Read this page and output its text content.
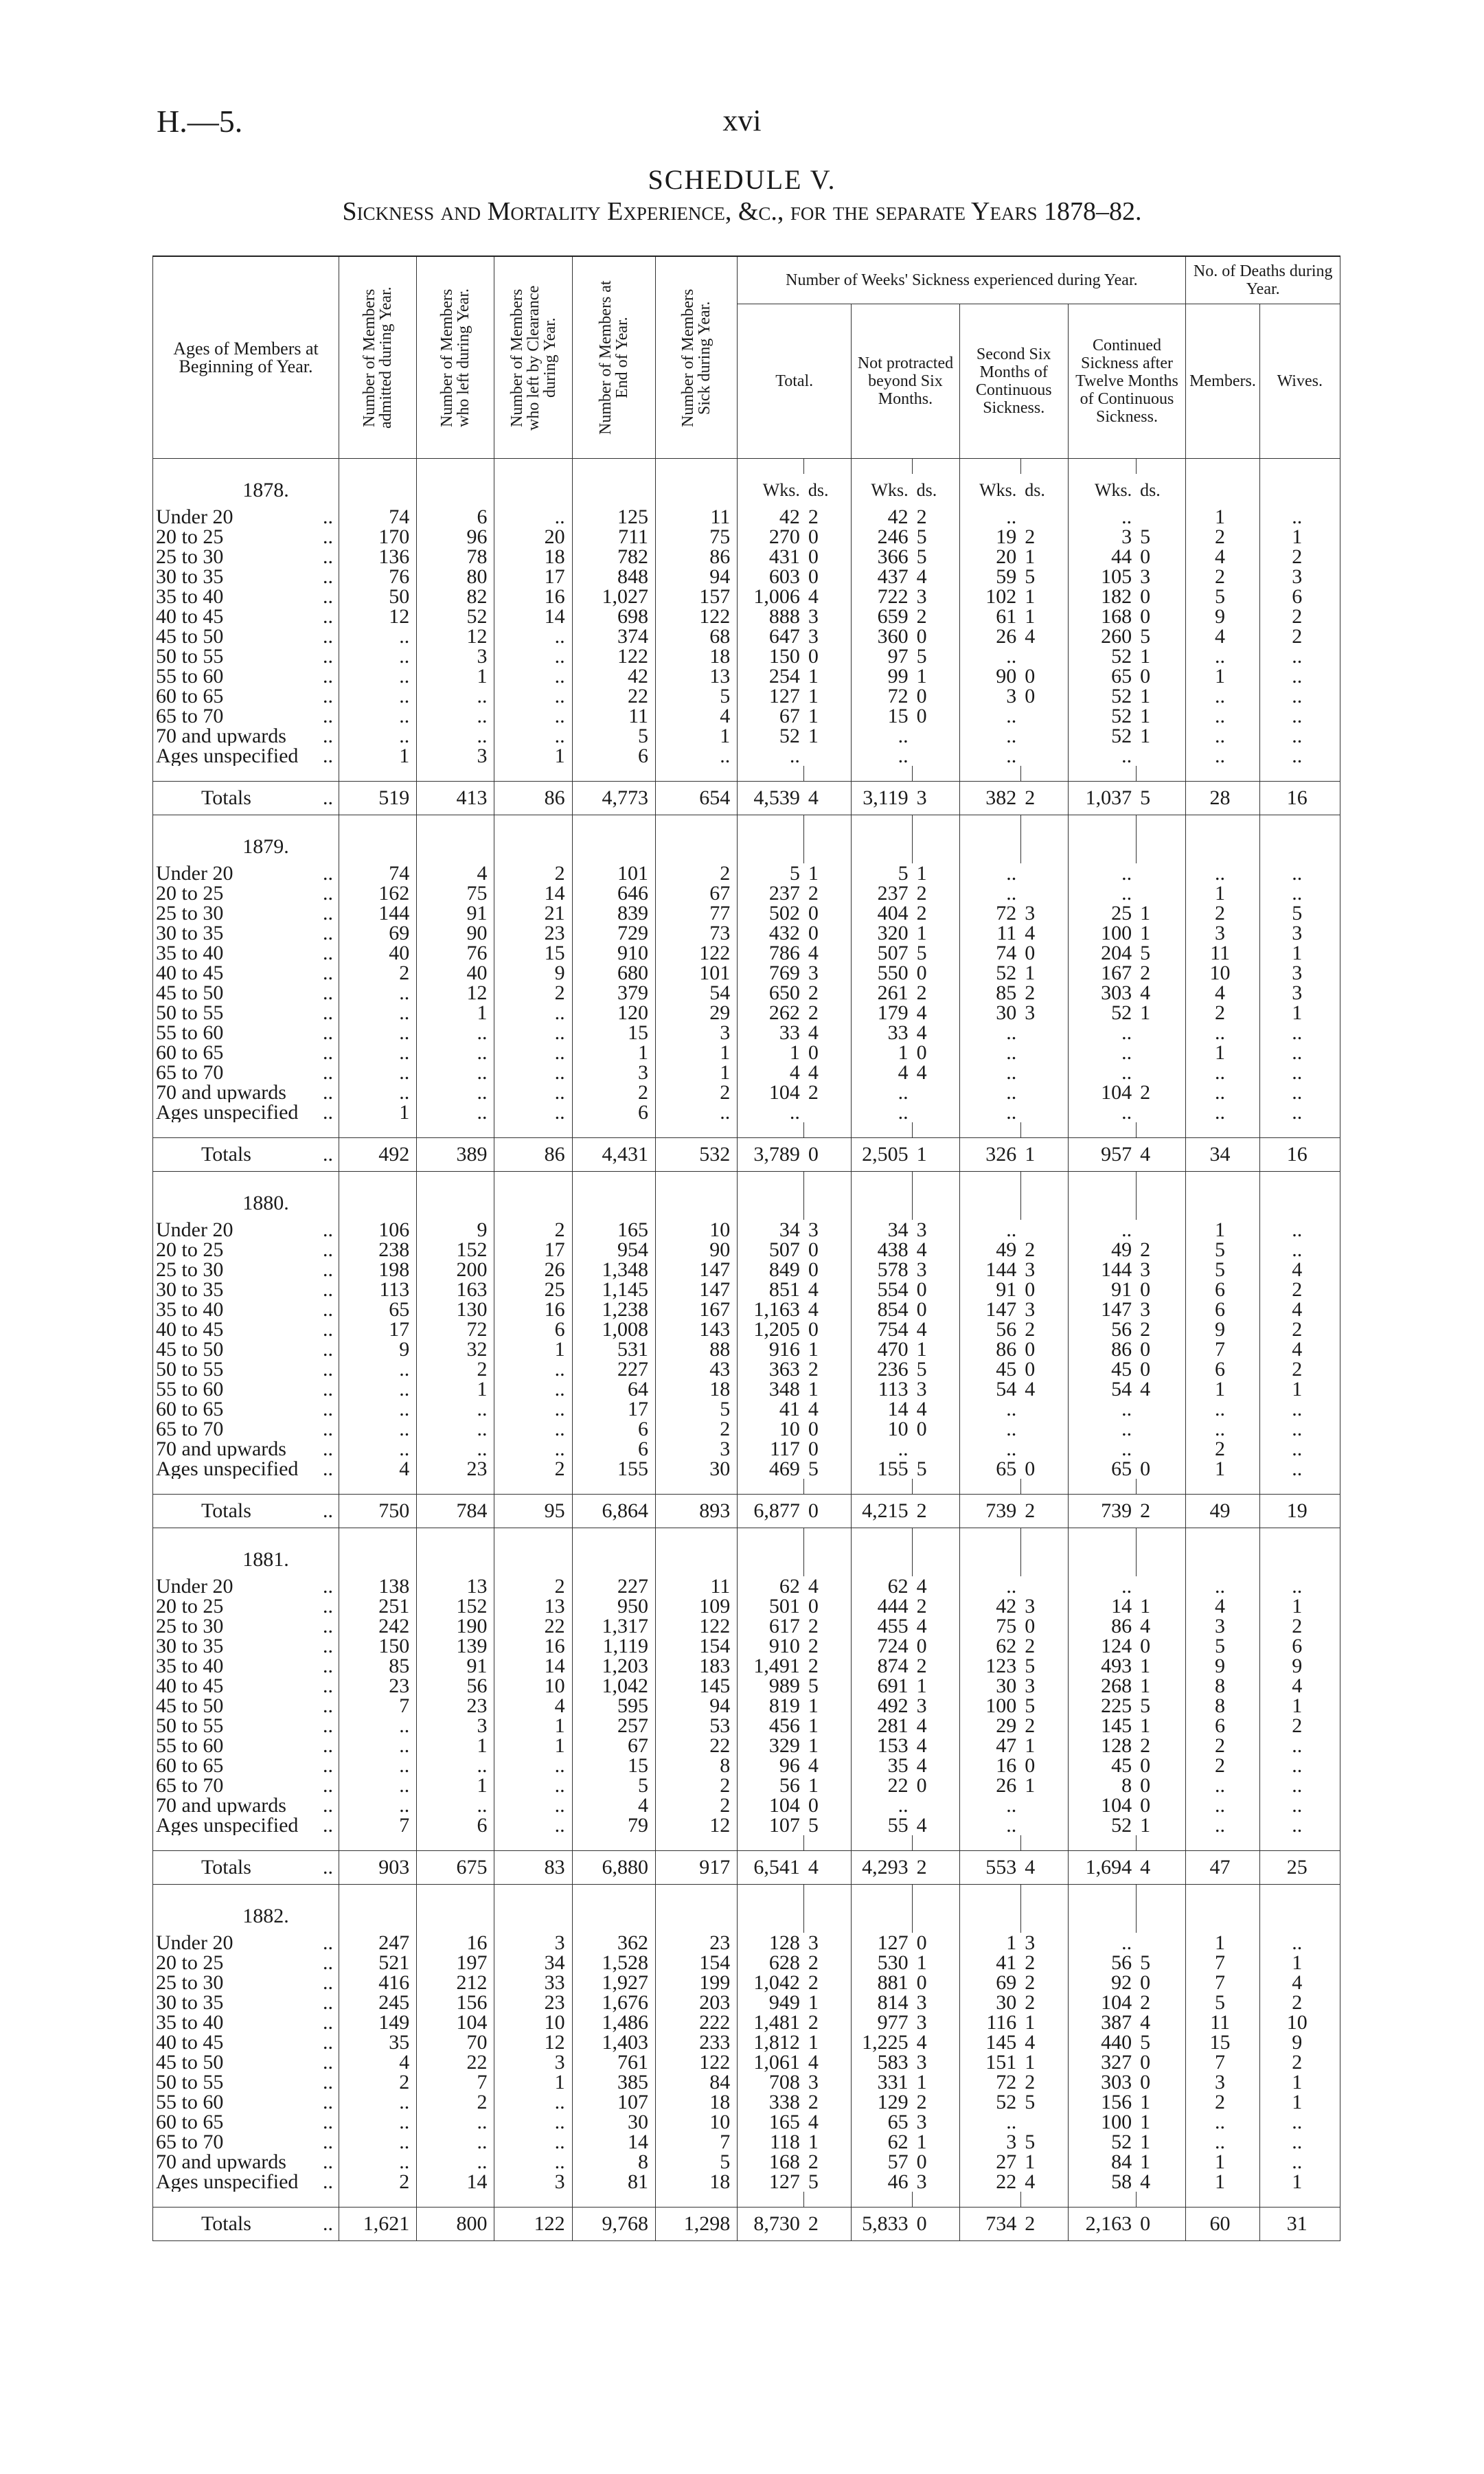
H.—5.	xvi
SCHEDULE V.
Sickness and Mortality Experience, &c., for the separate Years 1878–82.
Ages of Members at Beginning of Year.	Number of Members admitted during Year.	Number of Members who left during Year.	Number of Members who left by Clearance during Year.	Number of Members at End of Year.	Number of Members Sick during Year.	Number of Weeks' Sickness experienced during Year.								No. of Deaths during Year.	
						Total.		Not protracted beyond Six Months.		Second Six Months of Continuous Sickness.		Continued Sickness after Twelve Months of Continuous Sickness.		Members.	Wives.

1878.						Wks.	ds.	Wks.	ds.	Wks.	ds.	Wks.	ds.		
Under 20 ..	74	6	..	125	11	42	2	42	2	..		..		1	..
20 to 25 ..	170	96	20	711	75	270	0	246	5	19	2	3	5	2	1
25 to 30 ..	136	78	18	782	86	431	0	366	5	20	1	44	0	4	2
30 to 35 ..	76	80	17	848	94	603	0	437	4	59	5	105	3	2	3
35 to 40 ..	50	82	16	1,027	157	1,006	4	722	3	102	1	182	0	5	6
40 to 45 ..	12	52	14	698	122	888	3	659	2	61	1	168	0	9	2
45 to 50 ..	..	12	..	374	68	647	3	360	0	26	4	260	5	4	2
50 to 55 ..	..	3	..	122	18	150	0	97	5	..		52	1	..	..
55 to 60 ..	..	1	..	42	13	254	1	99	1	90	0	65	0	1	..
60 to 65 ..	..	..	..	22	5	127	1	72	0	3	0	52	1	..	..
65 to 70 ..	..	..	..	11	4	67	1	15	0	..		52	1	..	..
70 and upwards ..	..	..	..	5	1	52	1	..		..		52	1	..	..
Ages unspecified ..	1	3	1	6	..	..		..		..		..		..	..

Totals ..	519	413	86	4,773	654	4,539	4	3,119	3	382	2	1,037	5	28	16

1879.															
Under 20 ..	74	4	2	101	2	5	1	5	1	..		..		..	..
20 to 25 ..	162	75	14	646	67	237	2	237	2	..		..		1	..
25 to 30 ..	144	91	21	839	77	502	0	404	2	72	3	25	1	2	5
30 to 35 ..	69	90	23	729	73	432	0	320	1	11	4	100	1	3	3
35 to 40 ..	40	76	15	910	122	786	4	507	5	74	0	204	5	11	1
40 to 45 ..	2	40	9	680	101	769	3	550	0	52	1	167	2	10	3
45 to 50 ..	..	12	2	379	54	650	2	261	2	85	2	303	4	4	3
50 to 55 ..	..	1	..	120	29	262	2	179	4	30	3	52	1	2	1
55 to 60 ..	..	..	..	15	3	33	4	33	4	..		..		..	..
60 to 65 ..	..	..	..	1	1	1	0	1	0	..		..		1	..
65 to 70 ..	..	..	..	3	1	4	4	4	4	..		..		..	..
70 and upwards ..	..	..	..	2	2	104	2	..		..		104	2	..	..
Ages unspecified ..	1	..	..	6	..	..		..		..		..		..	..

Totals ..	492	389	86	4,431	532	3,789	0	2,505	1	326	1	957	4	34	16

1880.															
Under 20 ..	106	9	2	165	10	34	3	34	3	..		..		1	..
20 to 25 ..	238	152	17	954	90	507	0	438	4	49	2	49	2	5	..
25 to 30 ..	198	200	26	1,348	147	849	0	578	3	144	3	144	3	5	4
30 to 35 ..	113	163	25	1,145	147	851	4	554	0	91	0	91	0	6	2
35 to 40 ..	65	130	16	1,238	167	1,163	4	854	0	147	3	147	3	6	4
40 to 45 ..	17	72	6	1,008	143	1,205	0	754	4	56	2	56	2	9	2
45 to 50 ..	9	32	1	531	88	916	1	470	1	86	0	86	0	7	4
50 to 55 ..	..	2	..	227	43	363	2	236	5	45	0	45	0	6	2
55 to 60 ..	..	1	..	64	18	348	1	113	3	54	4	54	4	1	1
60 to 65 ..	..	..	..	17	5	41	4	14	4	..		..		..	..
65 to 70 ..	..	..	..	6	2	10	0	10	0	..		..		..	..
70 and upwards ..	..	..	..	6	3	117	0	..		..		..		2	..
Ages unspecified ..	4	23	2	155	30	469	5	155	5	65	0	65	0	1	..

Totals ..	750	784	95	6,864	893	6,877	0	4,215	2	739	2	739	2	49	19

1881.															
Under 20 ..	138	13	2	227	11	62	4	62	4	..		..		..	..
20 to 25 ..	251	152	13	950	109	501	0	444	2	42	3	14	1	4	1
25 to 30 ..	242	190	22	1,317	122	617	2	455	4	75	0	86	4	3	2
30 to 35 ..	150	139	16	1,119	154	910	2	724	0	62	2	124	0	5	6
35 to 40 ..	85	91	14	1,203	183	1,491	2	874	2	123	5	493	1	9	9
40 to 45 ..	23	56	10	1,042	145	989	5	691	1	30	3	268	1	8	4
45 to 50 ..	7	23	4	595	94	819	1	492	3	100	5	225	5	8	1
50 to 55 ..	..	3	1	257	53	456	1	281	4	29	2	145	1	6	2
55 to 60 ..	..	1	1	67	22	329	1	153	4	47	1	128	2	2	..
60 to 65 ..	..	..	..	15	8	96	4	35	4	16	0	45	0	2	..
65 to 70 ..	..	1	..	5	2	56	1	22	0	26	1	8	0	..	..
70 and upwards ..	..	..	..	4	2	104	0	..		..		104	0	..	..
Ages unspecified ..	7	6	..	79	12	107	5	55	4	..		52	1	..	..

Totals ..	903	675	83	6,880	917	6,541	4	4,293	2	553	4	1,694	4	47	25

1882.															
Under 20 ..	247	16	3	362	23	128	3	127	0	1	3	..		1	..
20 to 25 ..	521	197	34	1,528	154	628	2	530	1	41	2	56	5	7	1
25 to 30 ..	416	212	33	1,927	199	1,042	2	881	0	69	2	92	0	7	4
30 to 35 ..	245	156	23	1,676	203	949	1	814	3	30	2	104	2	5	2
35 to 40 ..	149	104	10	1,486	222	1,481	2	977	3	116	1	387	4	11	10
40 to 45 ..	35	70	12	1,403	233	1,812	1	1,225	4	145	4	440	5	15	9
45 to 50 ..	4	22	3	761	122	1,061	4	583	3	151	1	327	0	7	2
50 to 55 ..	2	7	1	385	84	708	3	331	1	72	2	303	0	3	1
55 to 60 ..	..	2	..	107	18	338	2	129	2	52	5	156	1	2	1
60 to 65 ..	..	..	..	30	10	165	4	65	3	..		100	1	..	..
65 to 70 ..	..	..	..	14	7	118	1	62	1	3	5	52	1	..	..
70 and upwards ..	..	..	..	8	5	168	2	57	0	27	1	84	1	1	..
Ages unspecified ..	2	14	3	81	18	127	5	46	3	22	4	58	4	1	1

Totals ..	1,621	800	122	9,768	1,298	8,730	2	5,833	0	734	2	2,163	0	60	31
